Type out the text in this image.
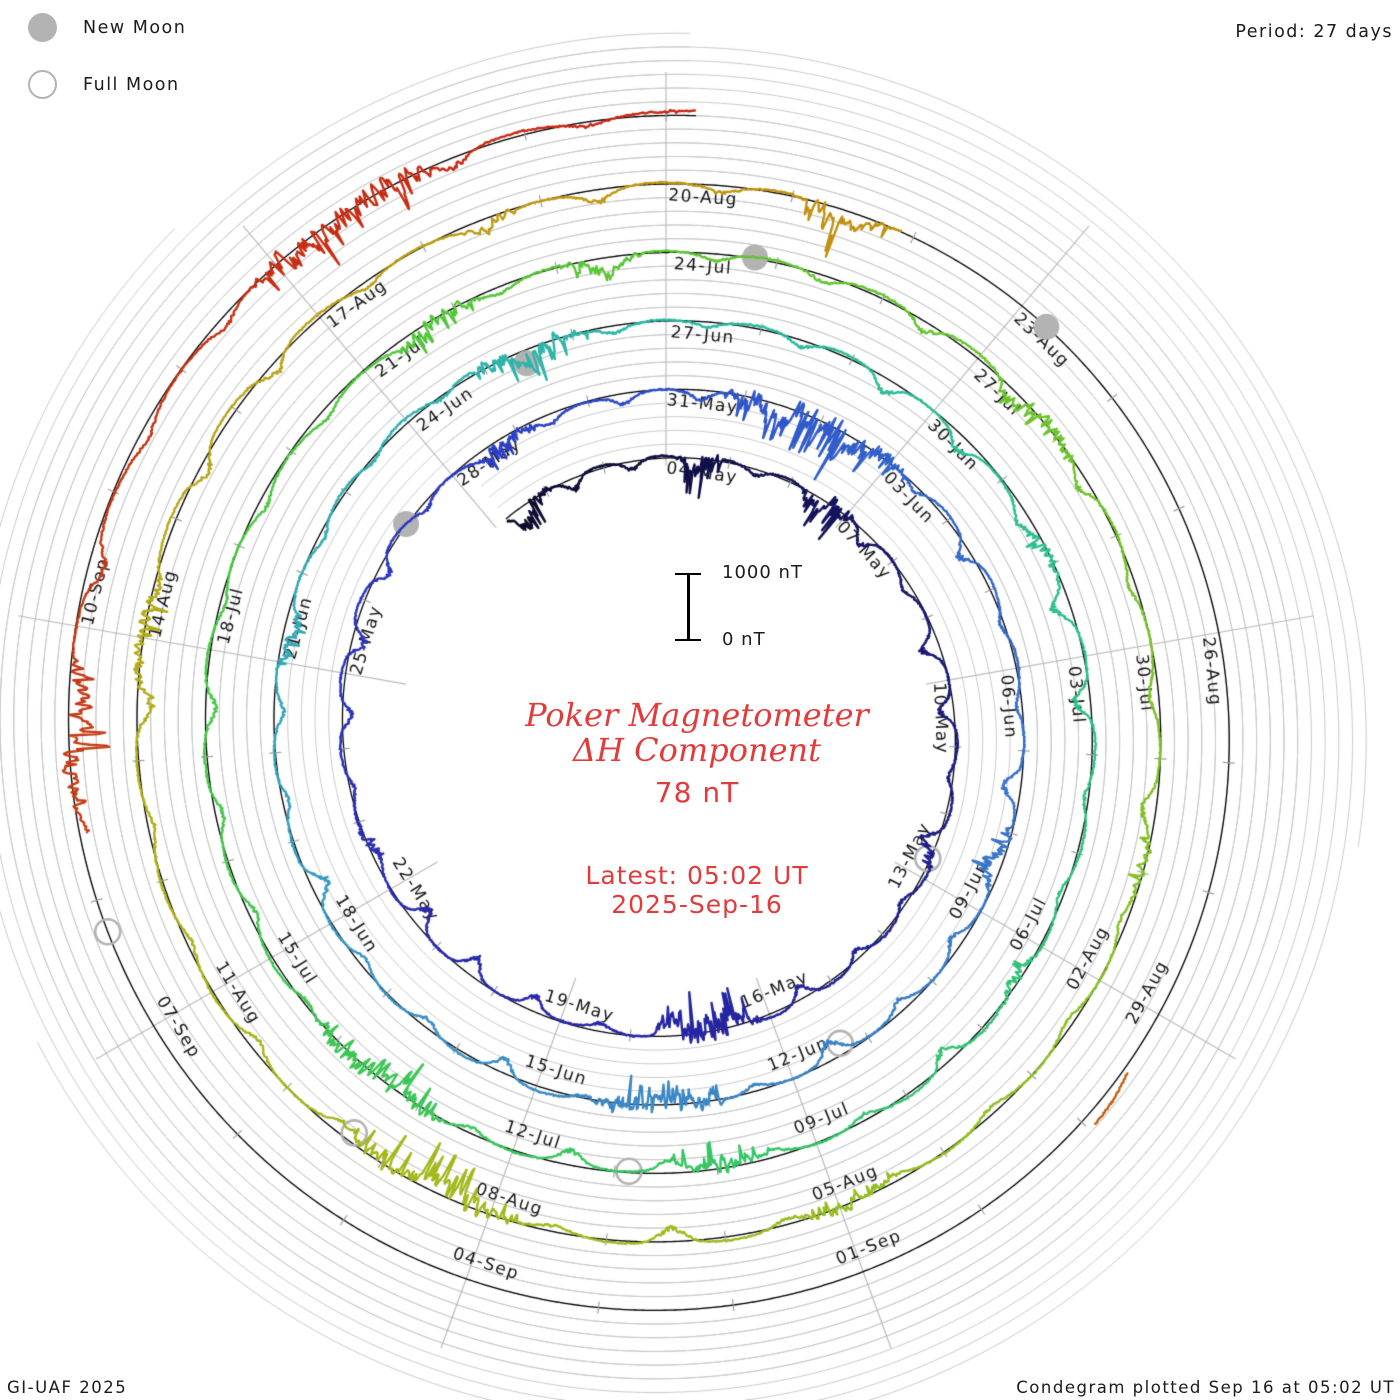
New Moon
Full Moon
Period: 27 days
1000 nT
0 nT
Poker Magnetometer
ΔH Component
78 nT
Latest: 05:02 UT
2025-Sep-16
GI-UAF 2025	Condegram plotted Sep 16 at 05:02 UT
